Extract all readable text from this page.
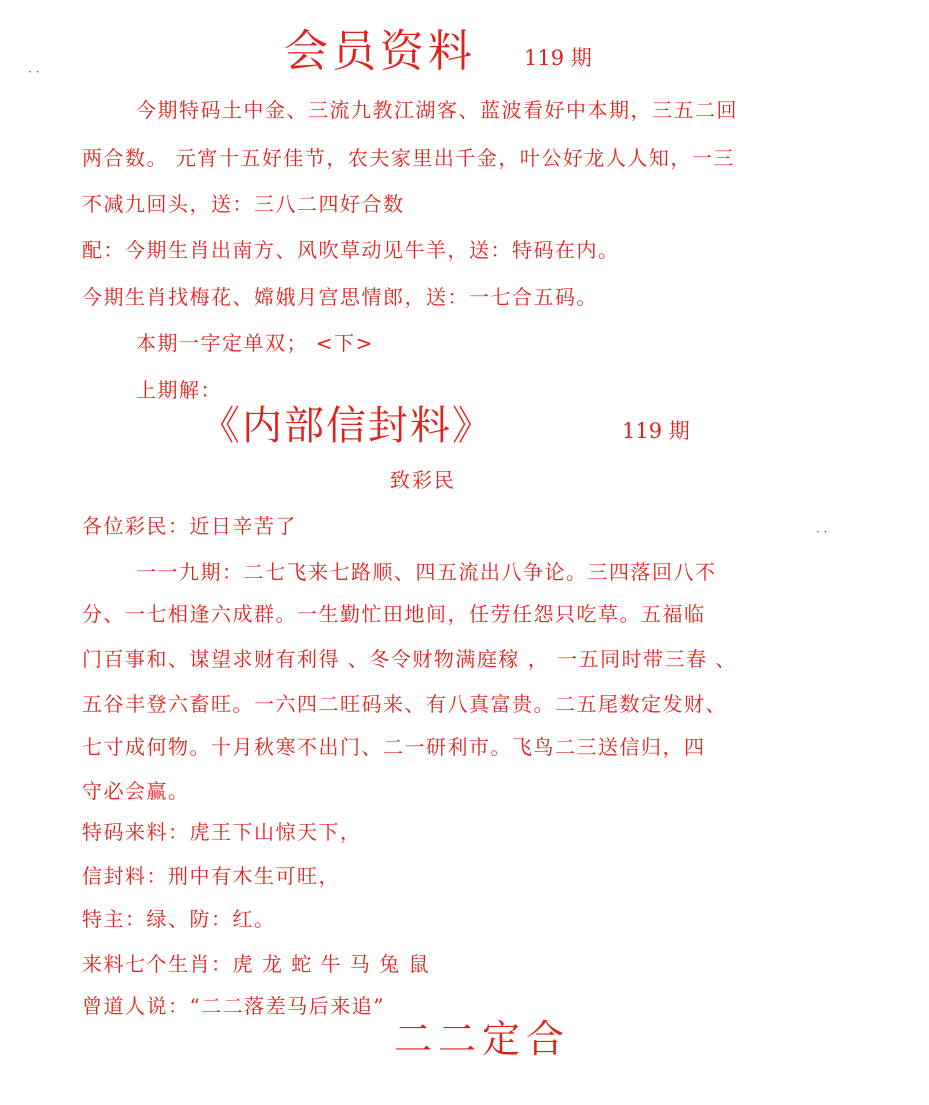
· ·
· ·
会员资料 119 期
今期特码土中金、三流九教江湖客、蓝波看好中本期，三五二回
两合数。 元宵十五好佳节，农夫家里出千金，叶公好龙人人知，一三
不减九回头，送：三八二四好合数
配：今期生肖出南方、风吹草动见牛羊，送：特码在内。
今期生肖找梅花、嫦娥月宫思情郎，送：一七合五码。
本期一字定单双； <下>
上期解：
《内部信封料》	119 期
致彩民
各位彩民：近日辛苦了
一一九期：二七飞来七路顺、四五流出八争论。三四落回八不
分、一七相逢六成群。一生勤忙田地间，任劳任怨只吃草。五福临
门百事和、谋望求财有利得 、冬令财物满庭稼 ， 一五同时带三春 、
五谷丰登六畜旺。一六四二旺码来、有八真富贵。二五尾数定发财、
七寸成何物。十月秋寒不出门、二一研利市。飞鸟二三送信归，四
守必会赢。
特码来料：虎王下山惊天下，
信封料：刑中有木生可旺，
特主：绿、防：红。
来料七个生肖：虎 龙 蛇 牛 马 兔 鼠
曾道人说：“二二落差马后来追”
二二定合
